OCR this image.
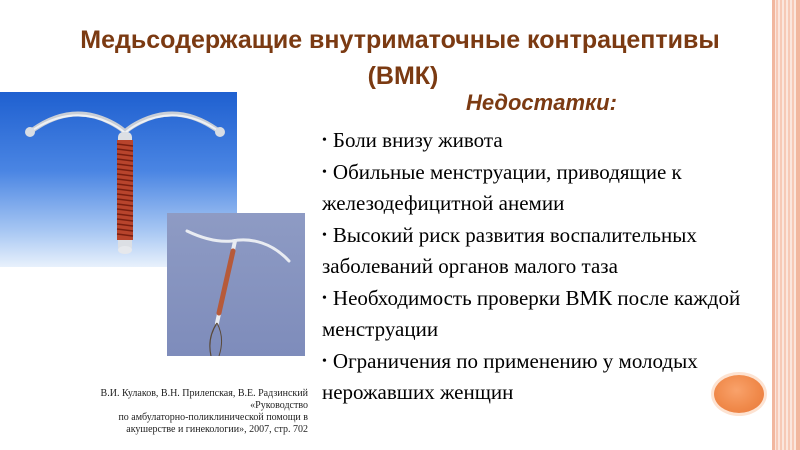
Медьсодержащие внутриматочные контрацептивы
(ВМК)
Недостатки:
• Боли внизу живота
• Обильные менструации, приводящие к железодефицитной анемии
• Высокий риск развития воспалительных заболеваний органов малого таза
• Необходимость проверки ВМК после каждой менструации
• Ограничения по применению у молодых нерожавших женщин
В.И. Кулаков, В.Н. Прилепская, В.Е. Радзинский
«Руководство
по амбулаторно-поликлинической помощи в
акушерстве и гинекологии», 2007, стр. 702
